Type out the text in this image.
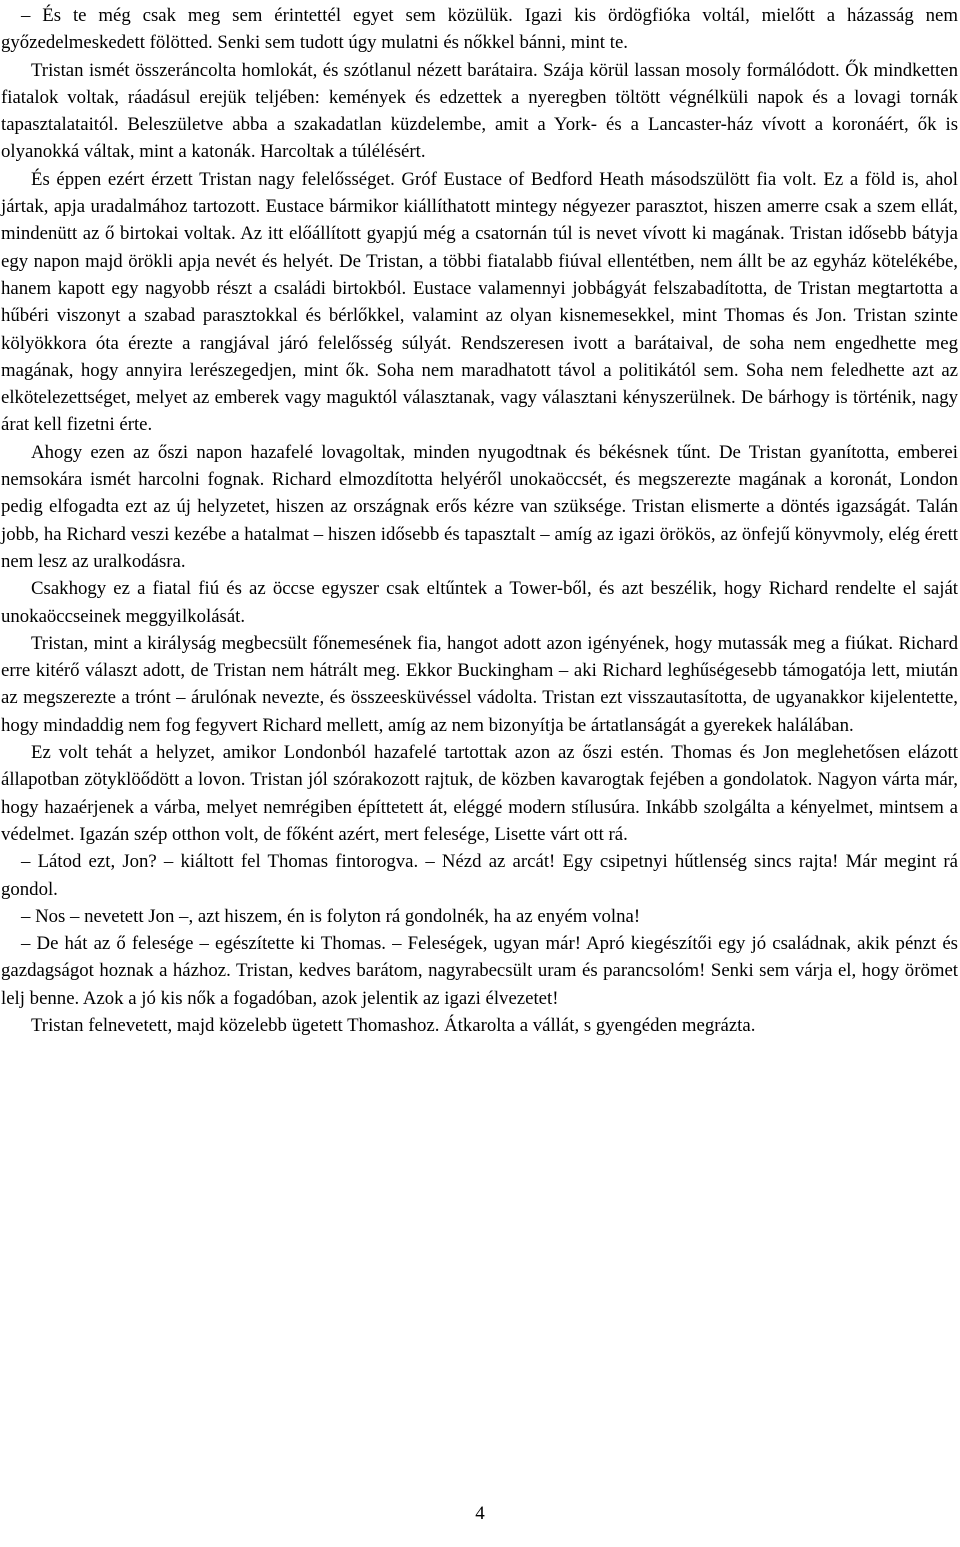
– És te még csak meg sem érintettél egyet sem közülük. Igazi kis ördögfióka voltál, mielőtt a házasság nem győzedelmeskedett fölötted. Senki sem tudott úgy mulatni és nőkkel bánni, mint te.

Tristan ismét összeráncolta homlokát, és szótlanul nézett barátaira. Szája körül lassan mosoly formálódott. Ők mindketten fiatalok voltak, ráadásul erejük teljében: kemények és edzettek a nyeregben töltött végnélküli napok és a lovagi tornák tapasztalataitól. Beleszületve abba a szakadatlan küzdelembe, amit a York- és a Lancaster-ház vívott a koronáért, ők is olyanokká váltak, mint a katonák. Harcoltak a túlélésért.

És éppen ezért érzett Tristan nagy felelősséget. Gróf Eustace of Bedford Heath másodszülött fia volt. Ez a föld is, ahol jártak, apja uradalmához tartozott. Eustace bármikor kiállíthatott mintegy négyezer parasztot, hiszen amerre csak a szem ellát, mindenütt az ő birtokai voltak. Az itt előállított gyapjú még a csatornán túl is nevet vívott ki magának. Tristan idősebb bátyja egy napon majd örökli apja nevét és helyét. De Tristan, a többi fiatalabb fiúval ellentétben, nem állt be az egyház kötelékébe, hanem kapott egy nagyobb részt a családi birtokból. Eustace valamennyi jobbágyát felszabadította, de Tristan megtartotta a hűbéri viszonyt a szabad parasztokkal és bérlőkkel, valamint az olyan kisnemesekkel, mint Thomas és Jon. Tristan szinte kölyökkora óta érezte a rangjával járó felelősség súlyát. Rendszeresen ivott a barátaival, de soha nem engedhette meg magának, hogy annyira lerészegedjen, mint ők. Soha nem maradhatott távol a politikától sem. Soha nem feledhette azt az elkötelezettséget, melyet az emberek vagy maguktól választanak, vagy választani kényszerülnek. De bárhogy is történik, nagy árat kell fizetni érte.

Ahogy ezen az őszi napon hazafelé lovagoltak, minden nyugodtnak és békésnek tűnt. De Tristan gyanította, emberei nemsokára ismét harcolni fognak. Richard elmozdította helyéről unokaöccsét, és megszerezte magának a koronát, London pedig elfogadta ezt az új helyzetet, hiszen az országnak erős kézre van szüksége. Tristan elismerte a döntés igazságát. Talán jobb, ha Richard veszi kezébe a hatalmat – hiszen idősebb és tapasztalt – amíg az igazi örökös, az önfejű könyvmoly, elég érett nem lesz az uralkodásra.

Csakhogy ez a fiatal fiú és az öccse egyszer csak eltűntek a Tower-ből, és azt beszélik, hogy Richard rendelte el saját unokaöccseinek meggyilkolását.

Tristan, mint a királyság megbecsült főnemesének fia, hangot adott azon igényének, hogy mutassák meg a fiúkat. Richard erre kitérő választ adott, de Tristan nem hátrált meg. Ekkor Buckingham – aki Richard leghűségesebb támogatója lett, miután az megszerezte a trónt – árulónak nevezte, és összeesküvéssel vádolta. Tristan ezt visszautasította, de ugyanakkor kijelentette, hogy mindaddig nem fog fegyvert Richard mellett, amíg az nem bizonyítja be ártatlanságát a gyerekek halálában.

Ez volt tehát a helyzet, amikor Londonból hazafelé tartottak azon az őszi estén. Thomas és Jon meglehetősen elázott állapotban zötyklöődött a lovon. Tristan jól szórakozott rajtuk, de közben kavarogtak fejében a gondolatok. Nagyon várta már, hogy hazaérjenek a várba, melyet nemrégiben építtetett át, eléggé modern stílusúra. Inkább szolgálta a kényelmet, mintsem a védelmet. Igazán szép otthon volt, de főként azért, mert felesége, Lisette várt ott rá.

– Látod ezt, Jon? – kiáltott fel Thomas fintorogva. – Nézd az arcát! Egy csipetnyi hűtlenség sincs rajta! Már megint rá gondol.

– Nos – nevetett Jon –, azt hiszem, én is folyton rá gondolnék, ha az enyém volna!

– De hát az ő felesége – egészítette ki Thomas. – Feleségek, ugyan már! Apró kiegészítői egy jó családnak, akik pénzt és gazdagságot hoznak a házhoz. Tristan, kedves barátom, nagyrabecsült uram és parancsolóm! Senki sem várja el, hogy örömet lelj benne. Azok a jó kis nők a fogadóban, azok jelentik az igazi élvezetet!

Tristan felnevetett, majd közelebb ügetett Thomashoz. Átkarolta a vállát, s gyengéden megrázta.

4
